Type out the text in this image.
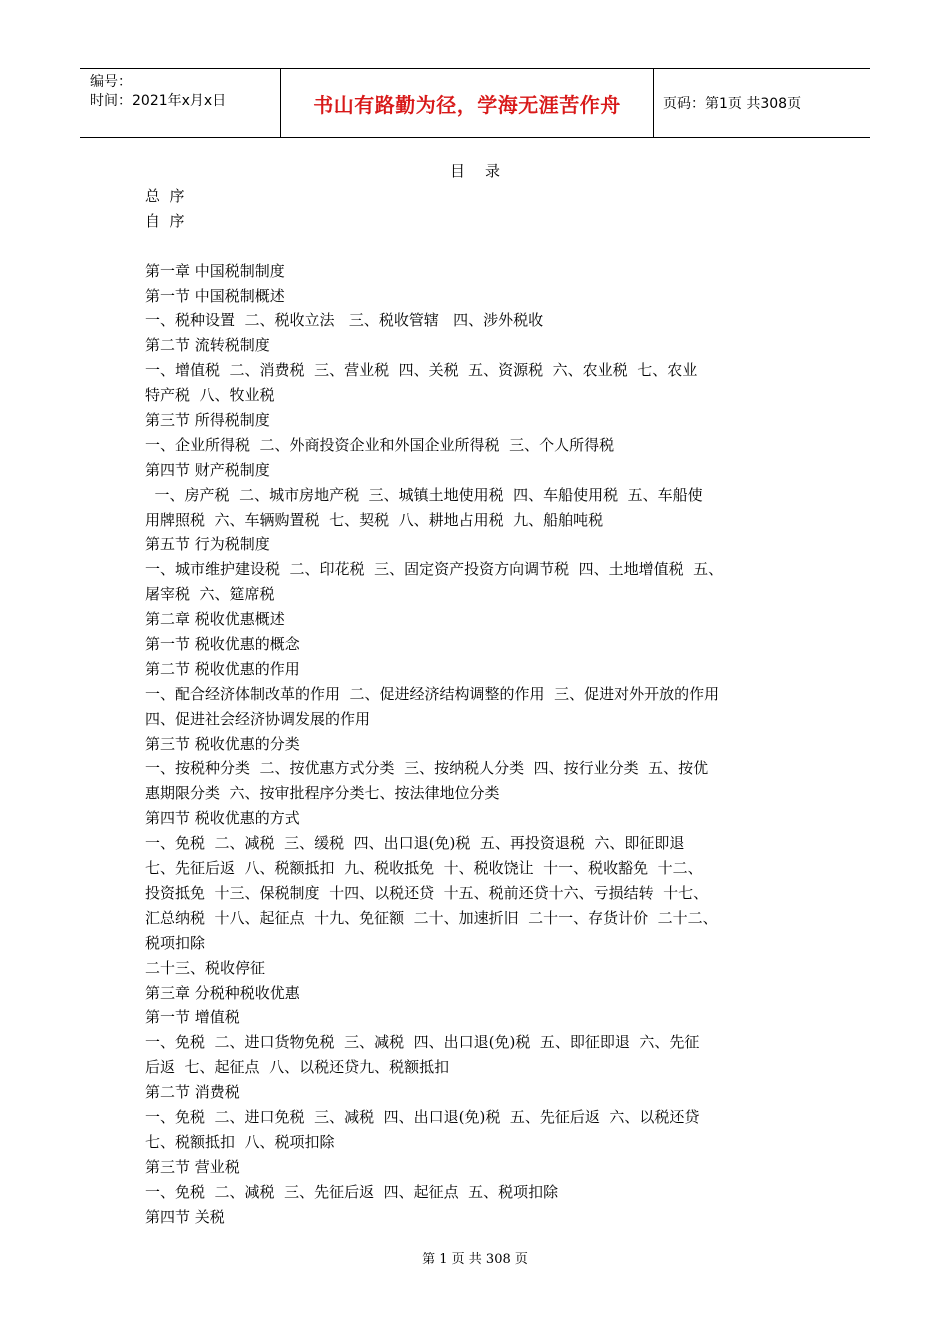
编号：
时间：2021年x月x日	书山有路勤为径，学海无涯苦作舟	页码：第1页 共308页
目录
总  序
自  序
第一章 中国税制制度
第一节 中国税制概述
一、税种设置  二、税收立法   三、税收管辖   四、涉外税收
第二节 流转税制度
一、增值税  二、消费税  三、营业税  四、关税  五、资源税  六、农业税  七、农业
特产税  八、牧业税
第三节 所得税制度
一、企业所得税  二、外商投资企业和外国企业所得税  三、个人所得税
第四节 财产税制度
一、房产税  二、城市房地产税  三、城镇土地使用税  四、车船使用税  五、车船使
用牌照税  六、车辆购置税  七、契税  八、耕地占用税  九、船舶吨税
第五节 行为税制度
一、城市维护建设税  二、印花税  三、固定资产投资方向调节税  四、土地增值税  五、
屠宰税  六、筵席税
第二章 税收优惠概述
第一节 税收优惠的概念
第二节 税收优惠的作用
一、配合经济体制改革的作用  二、促进经济结构调整的作用  三、促进对外开放的作用
四、促进社会经济协调发展的作用
第三节 税收优惠的分类
一、按税种分类  二、按优惠方式分类  三、按纳税人分类  四、按行业分类  五、按优
惠期限分类  六、按审批程序分类七、按法律地位分类
第四节 税收优惠的方式
一、免税  二、减税  三、缓税  四、出口退(免)税  五、再投资退税  六、即征即退
七、先征后返  八、税额抵扣  九、税收抵免  十、税收饶让  十一、税收豁免  十二、
投资抵免  十三、保税制度  十四、以税还贷  十五、税前还贷十六、亏损结转  十七、
汇总纳税  十八、起征点  十九、免征额  二十、加速折旧  二十一、存货计价  二十二、
税项扣除
二十三、税收停征
第三章 分税种税收优惠
第一节 增值税
一、免税  二、进口货物免税  三、减税  四、出口退(免)税  五、即征即退  六、先征
后返  七、起征点  八、以税还贷九、税额抵扣
第二节 消费税
一、免税  二、进口免税  三、减税  四、出口退(免)税  五、先征后返  六、以税还贷
七、税额抵扣  八、税项扣除
第三节 营业税
一、免税  二、减税  三、先征后返  四、起征点  五、税项扣除
第四节 关税
第 1 页 共 308 页
